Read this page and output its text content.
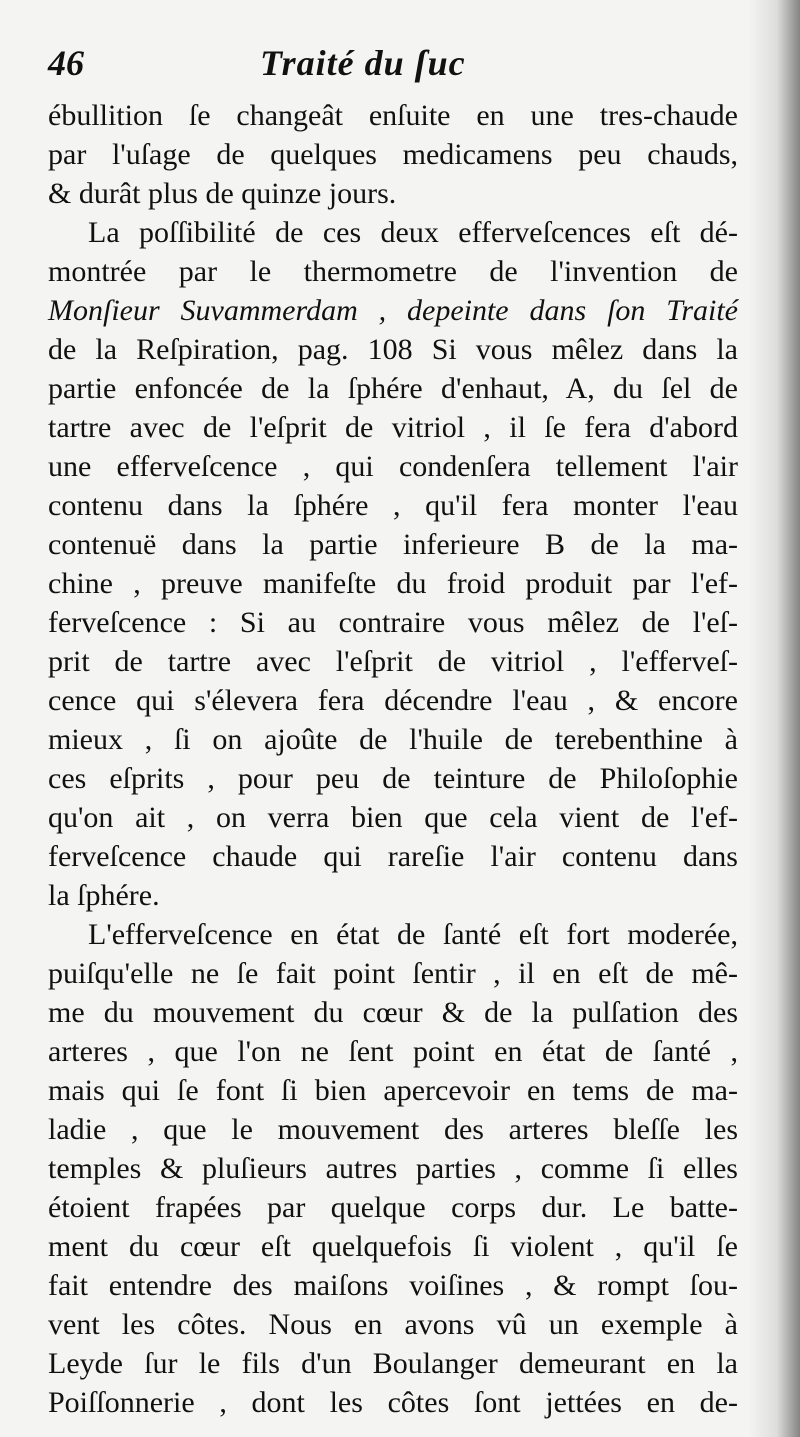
46	Traité du ſuc
ébullition ſe changeât enſuite en une tres-chaude
par l'uſage de quelques medicamens peu chauds,
& durât plus de quinze jours.
La poſſibilité de ces deux efferveſcences eſt dé-
montrée par le thermometre de l'invention de
Monſieur Suvammerdam , depeinte dans ſon Traité
de la Reſpiration, pag. 108 Si vous mêlez dans la
partie enfoncée de la ſphére d'enhaut, A, du ſel de
tartre avec de l'eſprit de vitriol , il ſe fera d'abord
une efferveſcence , qui condenſera tellement l'air
contenu dans la ſphére , qu'il fera monter l'eau
contenuë dans la partie inferieure B de la ma-
chine , preuve manifeſte du froid produit par l'ef-
ferveſcence : Si au contraire vous mêlez de l'eſ-
prit de tartre avec l'eſprit de vitriol , l'efferveſ-
cence qui s'élevera fera décendre l'eau , & encore
mieux , ſi on ajoûte de l'huile de terebenthine à
ces eſprits , pour peu de teinture de Philoſophie
qu'on ait , on verra bien que cela vient de l'ef-
ferveſcence chaude qui rareſie l'air contenu dans
la ſphére.
L'efferveſcence en état de ſanté eſt fort moderée,
puiſqu'elle ne ſe fait point ſentir , il en eſt de mê-
me du mouvement du cœur & de la pulſation des
arteres , que l'on ne ſent point en état de ſanté ,
mais qui ſe font ſi bien apercevoir en tems de ma-
ladie , que le mouvement des arteres bleſſe les
temples & pluſieurs autres parties , comme ſi elles
étoient frapées par quelque corps dur. Le batte-
ment du cœur eſt quelquefois ſi violent , qu'il ſe
fait entendre des maiſons voiſines , & rompt ſou-
vent les côtes. Nous en avons vû un exemple à
Leyde ſur le fils d'un Boulanger demeurant en la
Poiſſonnerie , dont les côtes ſont jettées en de-
